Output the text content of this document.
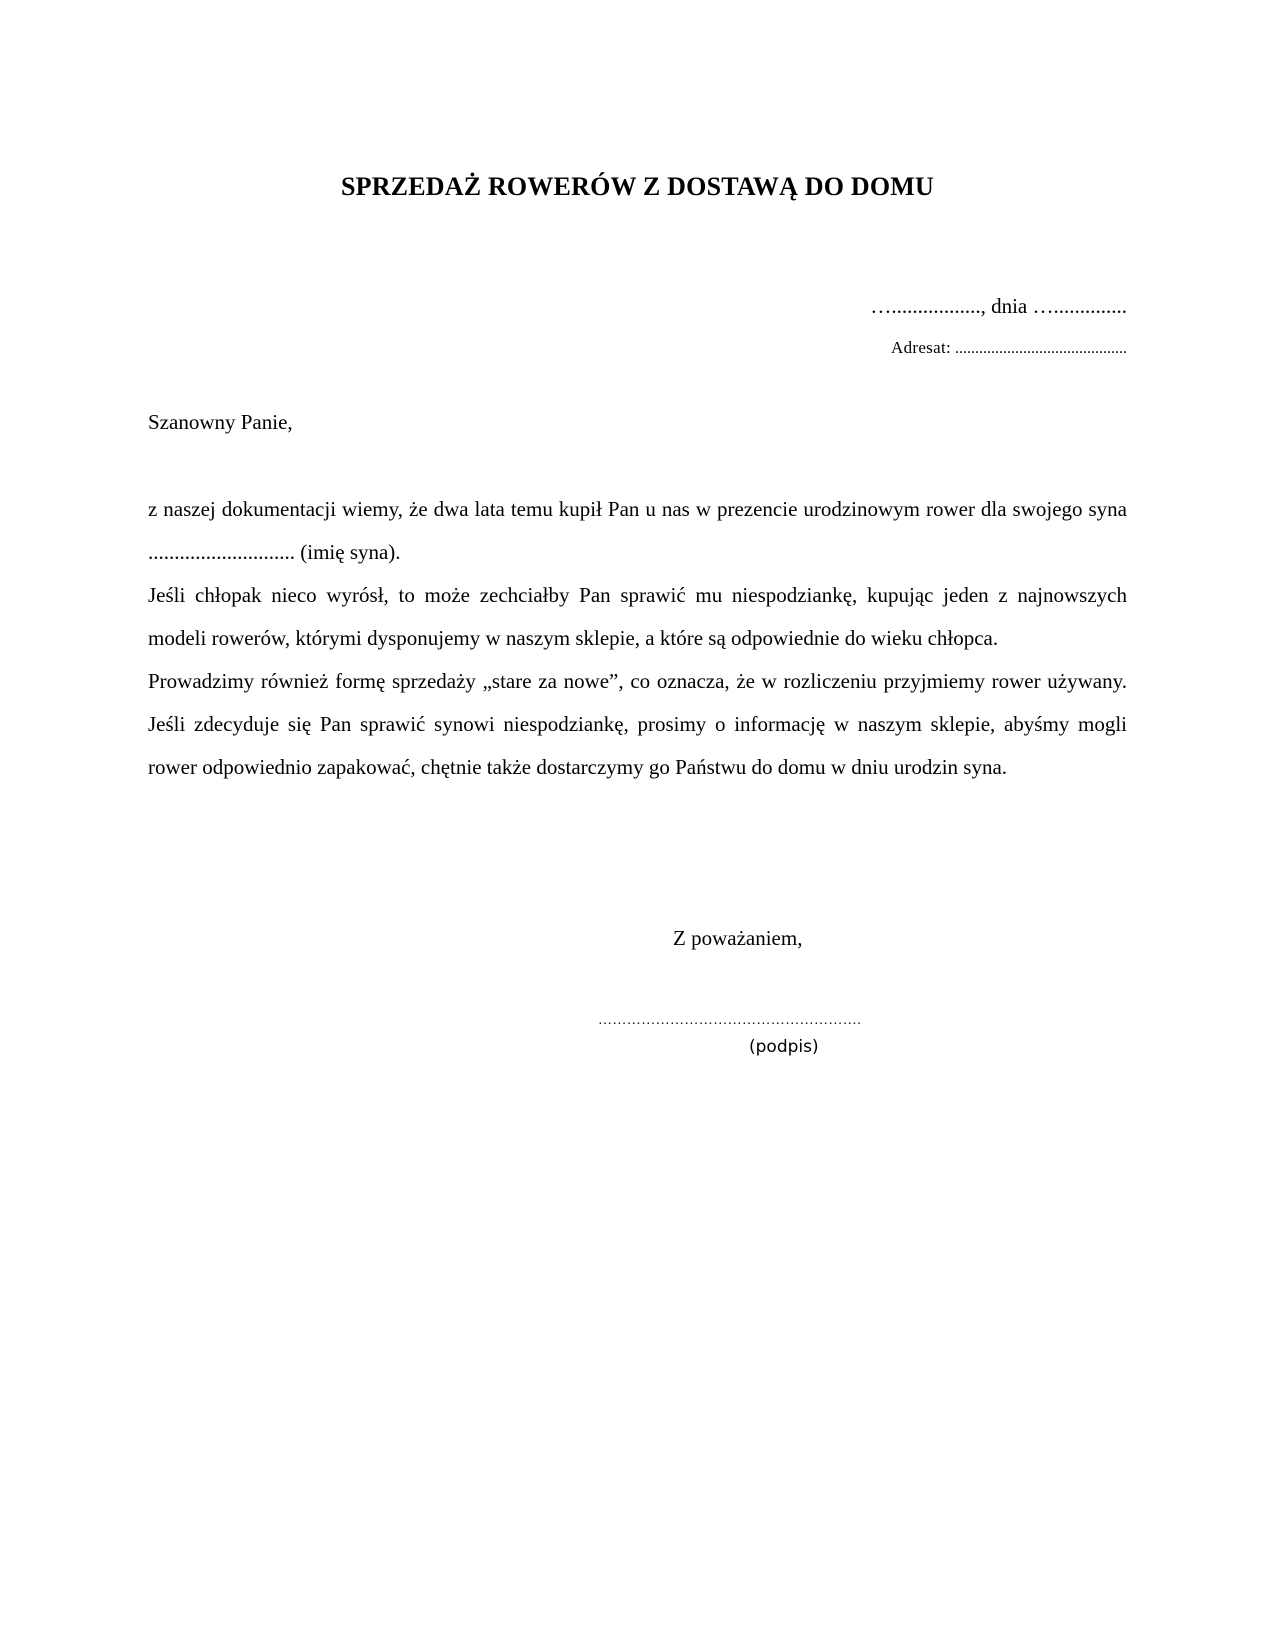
SPRZEDAŻ ROWERÓW Z DOSTAWĄ DO DOMU
…................., dnia …..............
Adresat: ...........................................
Szanowny Panie,

z naszej dokumentacji wiemy, że dwa lata temu kupił Pan u nas w prezencie urodzinowym rower dla swojego syna ............................ (imię syna).

Jeśli chłopak nieco wyrósł, to może zechciałby Pan sprawić mu niespodziankę, kupując jeden z najnowszych modeli rowerów, którymi dysponujemy w naszym sklepie, a które są odpowiednie do wieku chłopca.

Prowadzimy również formę sprzedaży „stare za nowe”, co oznacza, że w rozliczeniu przyjmiemy rower używany. Jeśli zdecyduje się Pan sprawić synowi niespodziankę, prosimy o informację w naszym sklepie, abyśmy mogli rower odpowiednio zapakować, chętnie także dostarczymy go Państwu do domu w dniu urodzin syna.

Z poważaniem,
……………………………………………….
(podpis)
